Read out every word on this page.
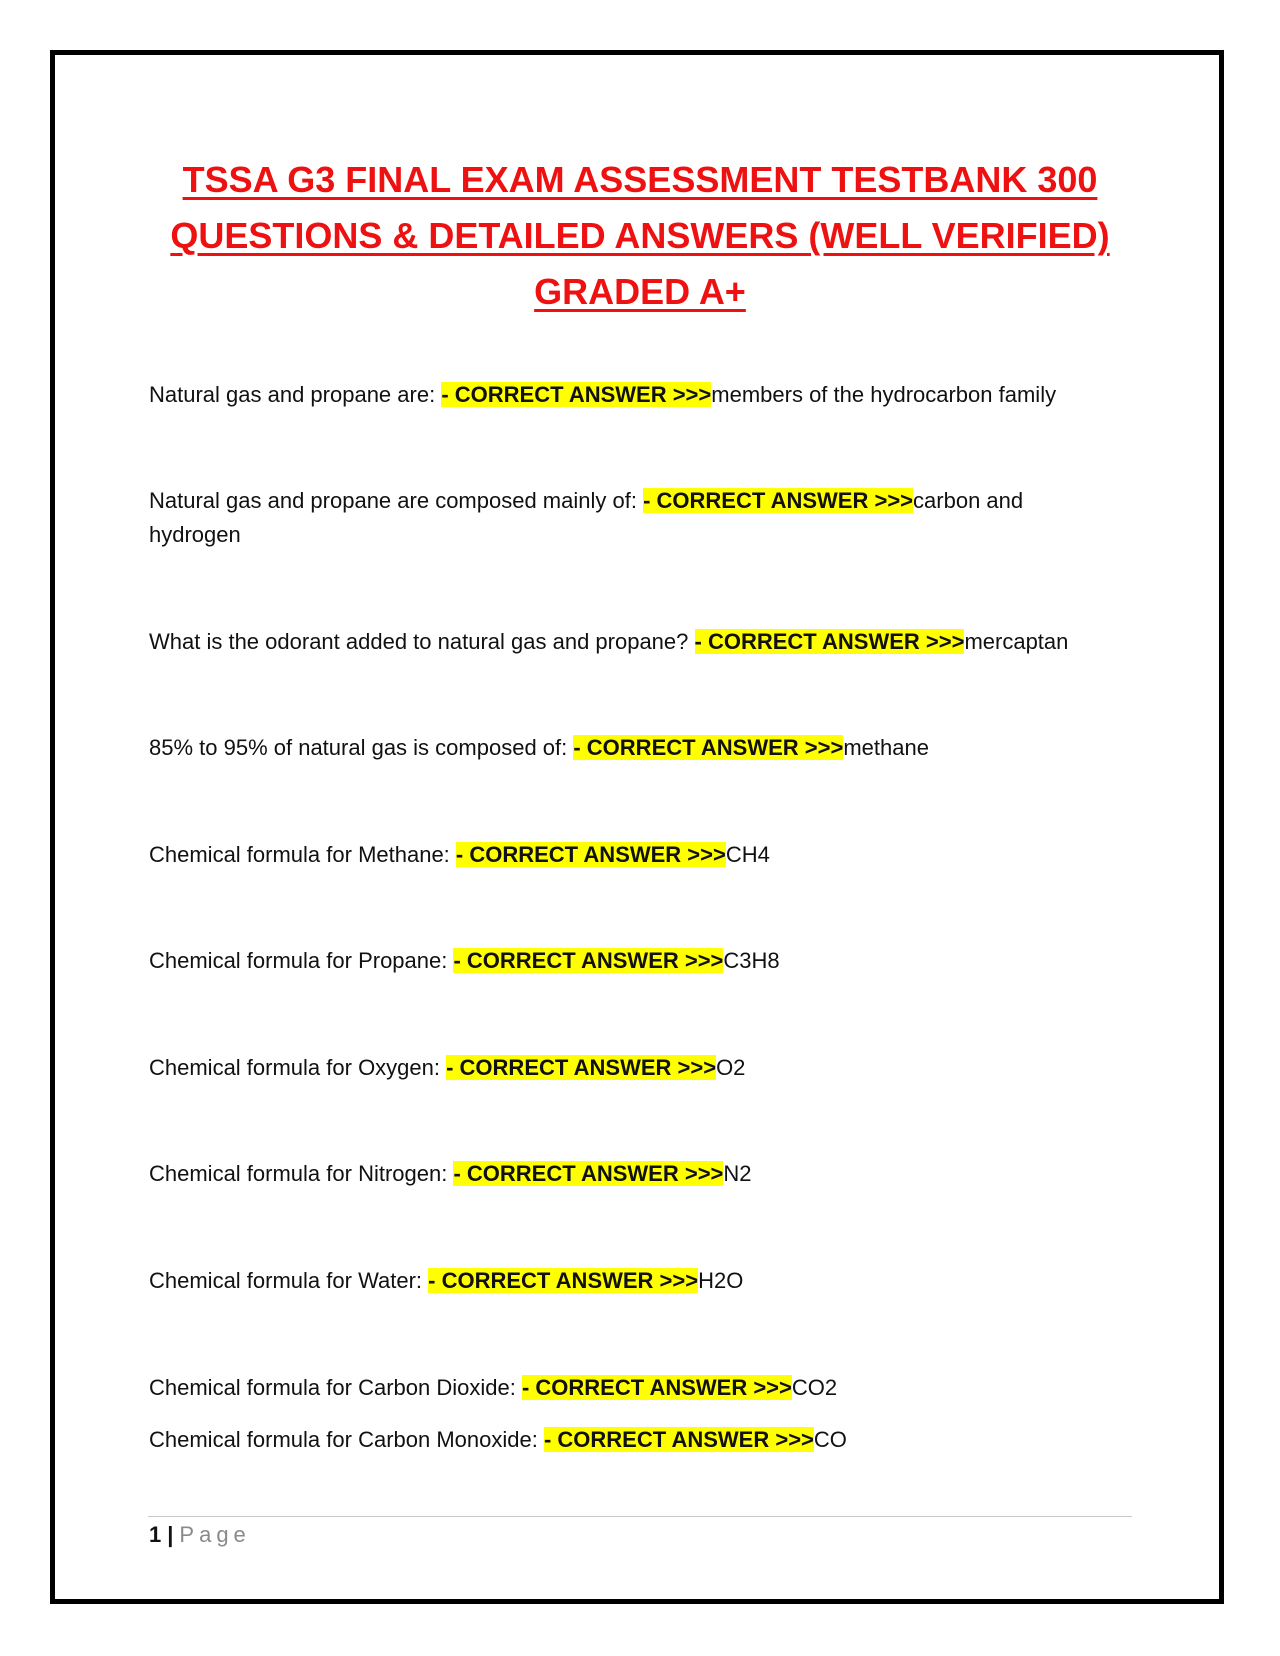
TSSA G3 FINAL EXAM ASSESSMENT TESTBANK 300
QUESTIONS & DETAILED ANSWERS (WELL VERIFIED)
GRADED A+
Natural gas and propane are: - CORRECT ANSWER >>>members of the hydrocarbon family
Natural gas and propane are composed mainly of: - CORRECT ANSWER >>>carbon and hydrogen
What is the odorant added to natural gas and propane? - CORRECT ANSWER >>>mercaptan
85% to 95% of natural gas is composed of: - CORRECT ANSWER >>>methane
Chemical formula for Methane: - CORRECT ANSWER >>>CH4
Chemical formula for Propane: - CORRECT ANSWER >>>C3H8
Chemical formula for Oxygen: - CORRECT ANSWER >>>O2
Chemical formula for Nitrogen: - CORRECT ANSWER >>>N2
Chemical formula for Water: - CORRECT ANSWER >>>H2O
Chemical formula for Carbon Dioxide: - CORRECT ANSWER >>>CO2
Chemical formula for Carbon Monoxide: - CORRECT ANSWER >>>CO
1 | Page
